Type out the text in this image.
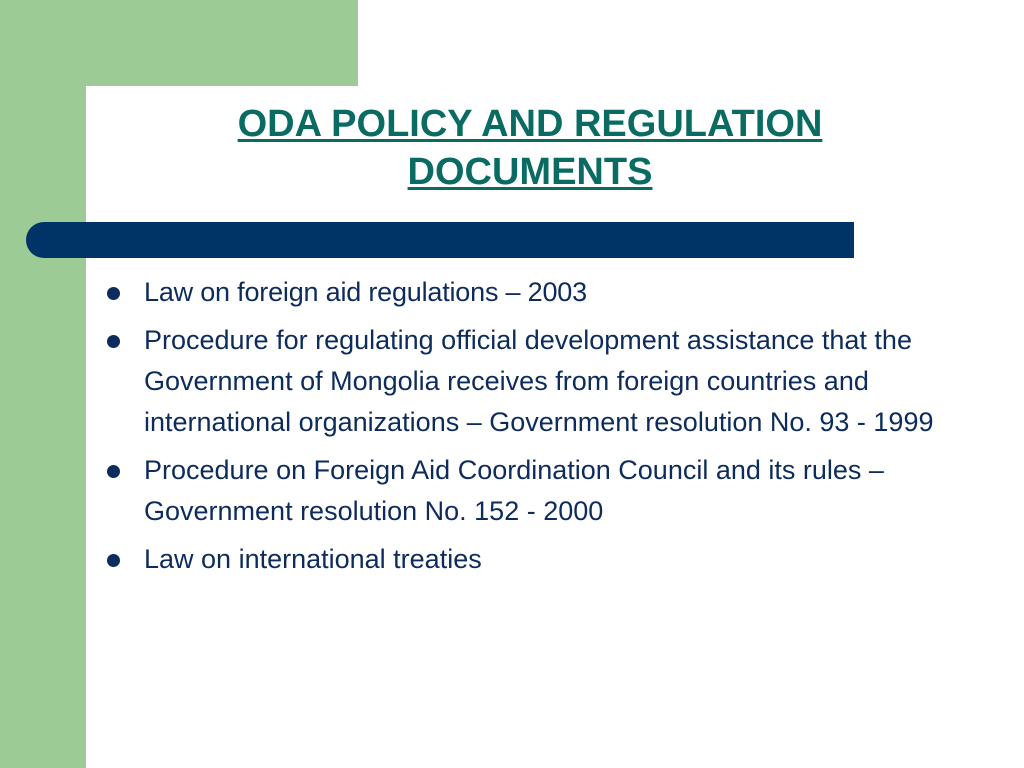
ODA POLICY AND REGULATION
DOCUMENTS
Law on foreign aid regulations – 2003
Procedure for regulating official development assistance that the Government of Mongolia receives from foreign countries and international organizations – Government resolution No. 93 - 1999
Procedure on Foreign Aid Coordination Council and its rules – Government resolution No. 152 - 2000
Law on international treaties
